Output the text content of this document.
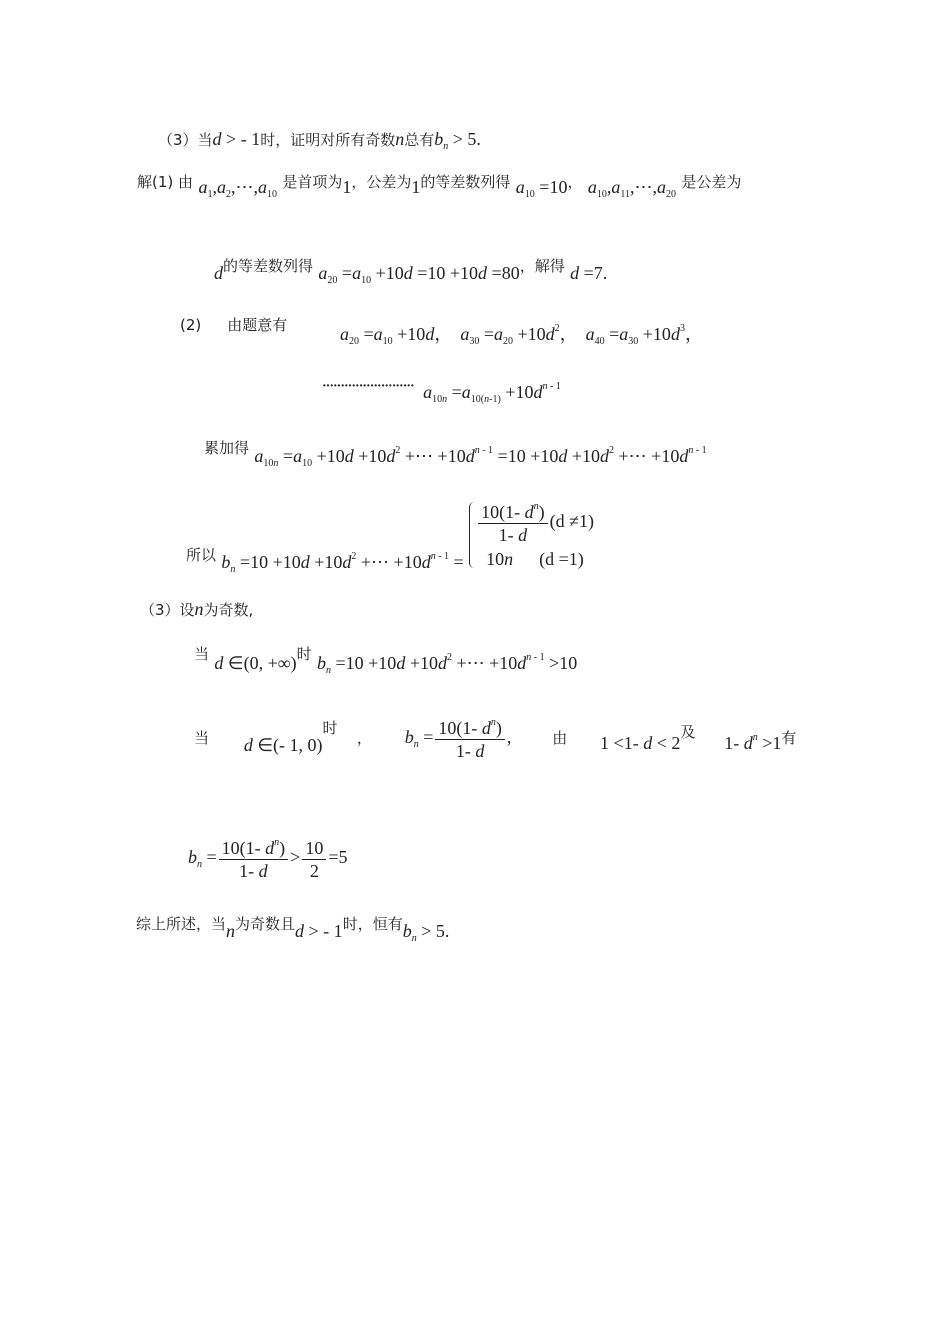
（3）当d > - 1时，证明对所有奇数n总有$b_n > 5$.
解(1) 由 $a_1,a_2,\cdots,a_{10}$ 是首项为1，公差为1的等差数列得 $a_{10} =10$， $a_{10},a_{11},\cdots,a_{20}$ 是公差为
d的等差数列得 $a_{20} =a_{10} +10d =10 +10d =80$，解得 d =7.
(2) 由题意有	$a_{20} =a_{10} +10d$， $a_{30} =a_{20} +10d^2$， $a_{40} =a_{30} +10d^3$，
························· $a_{10n} =a_{10(n-1)} +10d^{n - 1}$
累加得 $a_{10n} =a_{10} +10d +10d^2$ +⋯ $+10d^{n - 1} =10 +10d +10d^2$ +⋯ $+10d^{n - 1}$
所以 $b_n =10 +10d +10d^2$ +⋯ $+10d^{n - 1}$ =
$\frac{10(1- d^n)}{1- d} (d \ne 1)$
10n (d =1)
（3）设n为奇数,
当 d ∈(0, +∞)时 $b_n =10 +10d +10d^2$ +⋯ $+10d^{n - 1} >10$
当 d ∈(- 1, 0)时 ， $b_n = \frac{10(1- d^n)}{1- d}$ ,	由 1 <1- d < 2及  1- $d^n >1$有
$b_n = \frac{10(1- d^n)}{1- d} > \frac{10}{2} =5$
综上所述，当n为奇数且d > - 1时，恒有$b_n > 5$.
